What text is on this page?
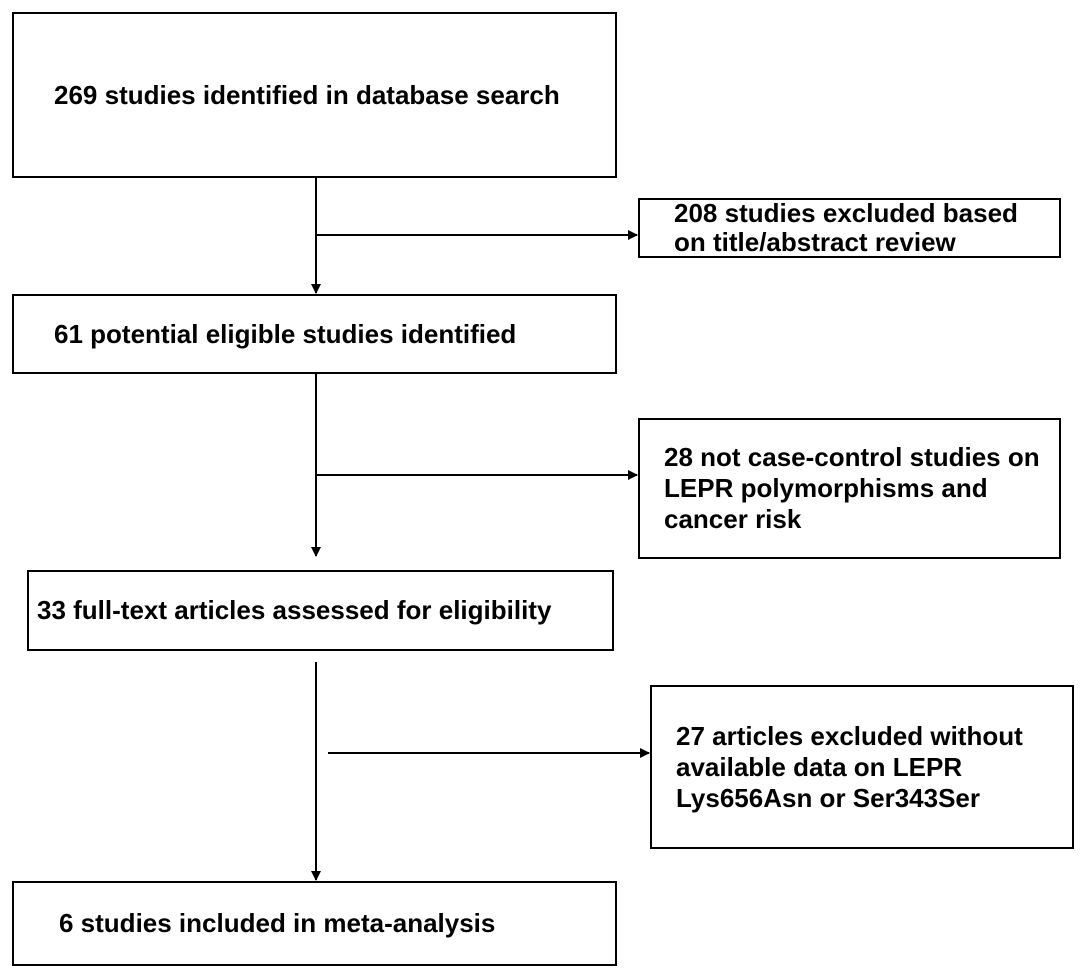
269 studies identified in database search
208 studies excluded based on title/abstract review
61 potential eligible studies identified
28 not case-control studies on LEPR polymorphisms and cancer risk
33 full-text articles assessed for eligibility
27 articles excluded without available data on LEPR Lys656Asn or Ser343Ser
6 studies included in meta-analysis
